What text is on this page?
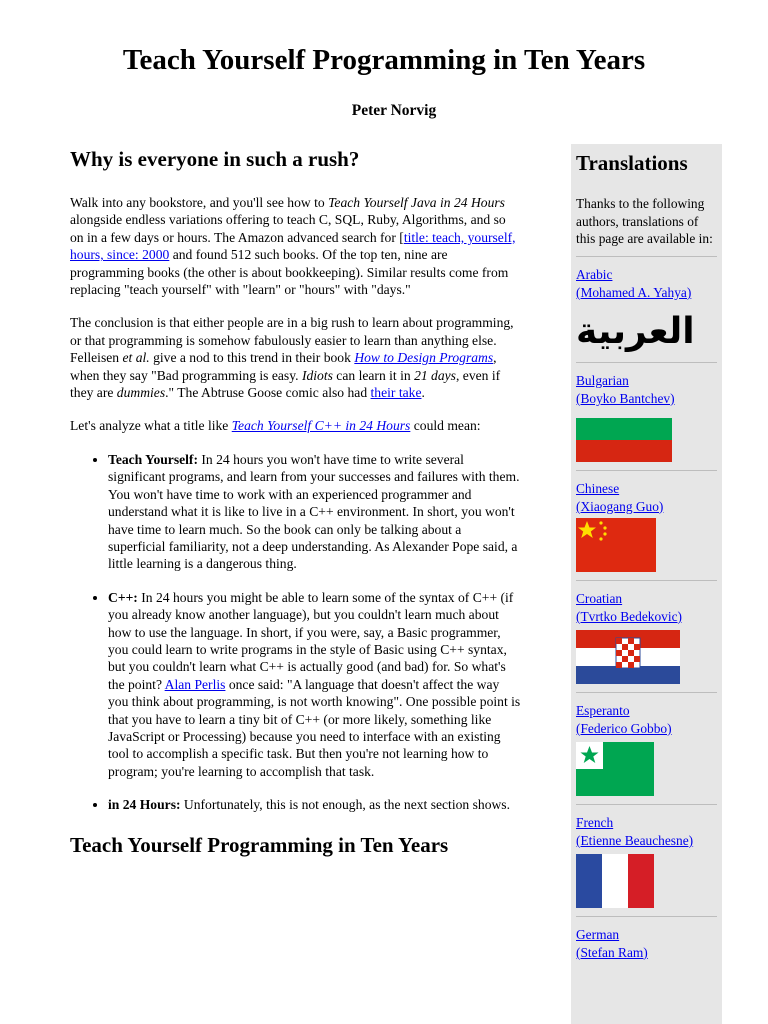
Teach Yourself Programming in Ten Years
Peter Norvig
Why is everyone in such a rush?

Walk into any bookstore, and you'll see how to Teach Yourself Java in 24 Hours alongside endless variations offering to teach C, SQL, Ruby, Algorithms, and so on in a few days or hours. The Amazon advanced search for [title: teach, yourself, hours, since: 2000 and found 512 such books. Of the top ten, nine are programming books (the other is about bookkeeping). Similar results come from replacing "teach yourself" with "learn" or "hours" with "days."

The conclusion is that either people are in a big rush to learn about programming, or that programming is somehow fabulously easier to learn than anything else. Felleisen et al. give a nod to this trend in their book How to Design Programs, when they say "Bad programming is easy. Idiots can learn it in 21 days, even if they are dummies." The Abtruse Goose comic also had their take.

Let's analyze what a title like Teach Yourself C++ in 24 Hours could mean:

• Teach Yourself: In 24 hours you won't have time to write several significant programs, and learn from your successes and failures with them. You won't have time to work with an experienced programmer and understand what it is like to live in a C++ environment. In short, you won't have time to learn much. So the book can only be talking about a superficial familiarity, not a deep understanding. As Alexander Pope said, a little learning is a dangerous thing.
• C++: In 24 hours you might be able to learn some of the syntax of C++ (if you already know another language), but you couldn't learn much about how to use the language. In short, if you were, say, a Basic programmer, you could learn to write programs in the style of Basic using C++ syntax, but you couldn't learn what C++ is actually good (and bad) for. So what's the point? Alan Perlis once said: "A language that doesn't affect the way you think about programming, is not worth knowing". One possible point is that you have to learn a tiny bit of C++ (or more likely, something like JavaScript or Processing) because you need to interface with an existing tool to accomplish a specific task. But then you're not learning how to program; you're learning to accomplish that task.
• in 24 Hours: Unfortunately, this is not enough, as the next section shows.
Teach Yourself Programming in Ten Years
Translations

Thanks to the following authors, translations of this page are available in:

Arabic
(Mohamed A. Yahya)
العربية
Bulgarian
(Boyko Bantchev)
Chinese
(Xiaogang Guo)
Croatian
(Tvrtko Bedekovic)
Esperanto
(Federico Gobbo)
French
(Etienne Beauchesne)
German
(Stefan Ram)
